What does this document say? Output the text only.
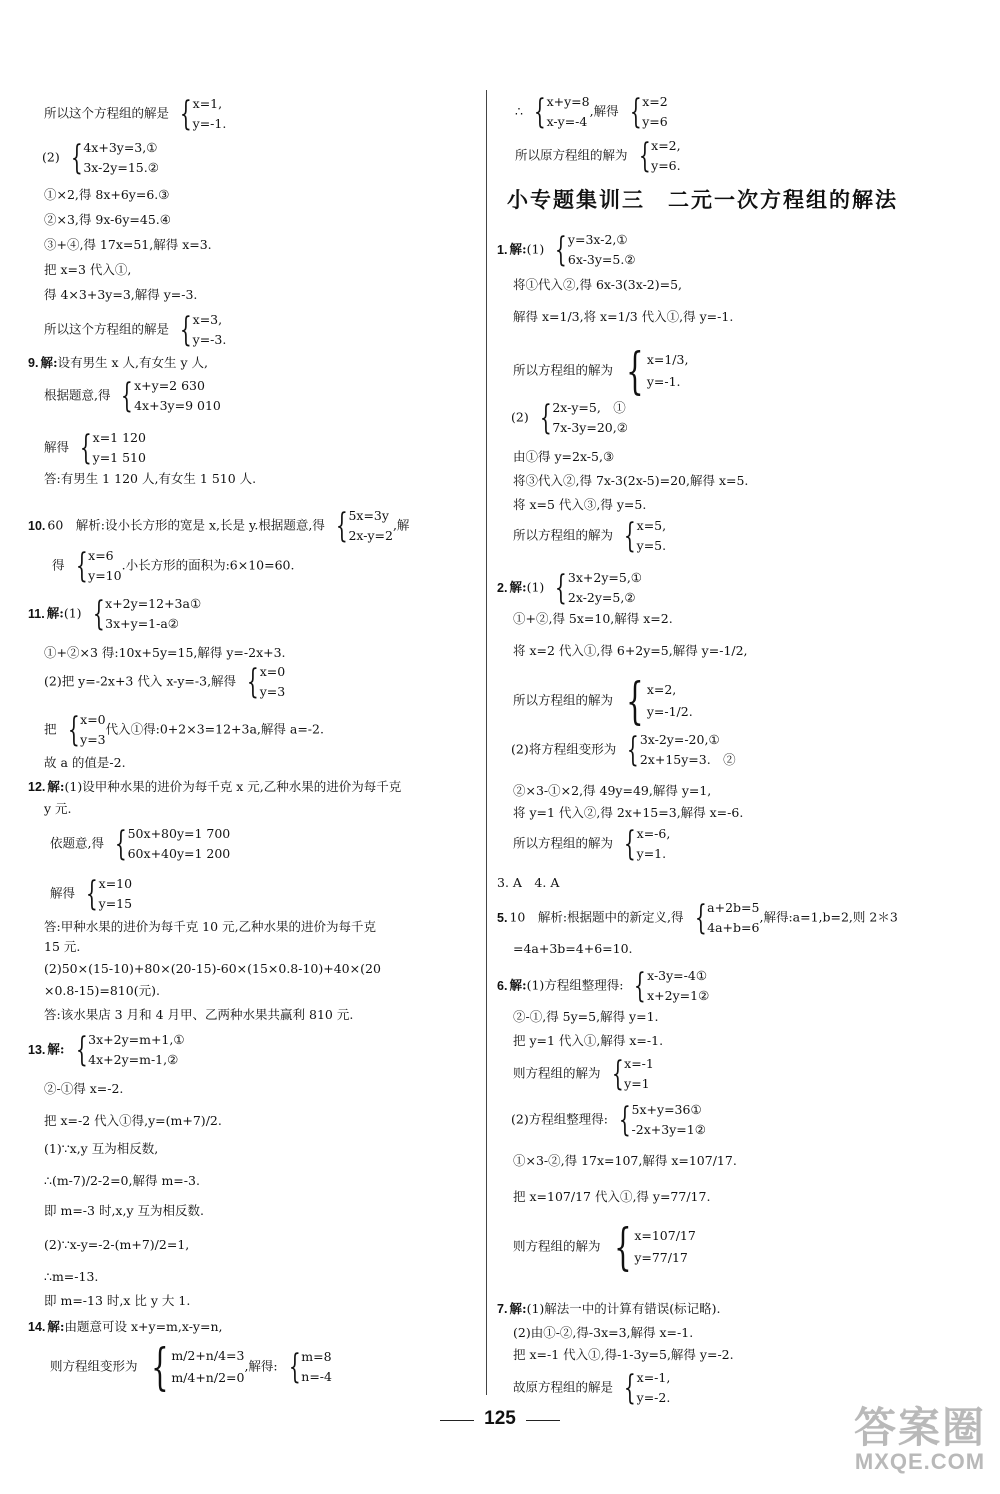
所以这个方程组的解是 { x=1,
y=-1.
(2) { 4x+3y=3,①
3x-2y=15.②
①×2,得 8x+6y=6.③
②×3,得 9x-6y=45.④
③+④,得 17x=51,解得 x=3.
把 x=3 代入①,
得 4×3+3y=3,解得 y=-3.
所以这个方程组的解是 { x=3,
y=-3.
9. 解:设有男生 x 人,有女生 y 人,
根据题意,得 { x+y=2 630
4x+3y=9 010
解得 { x=1 120
y=1 510
答:有男生 1 120 人,有女生 1 510 人.
10. 60　解析:设小长方形的宽是 x,长是 y.根据题意,得 { 5x=3y
2x-y=2
,解
得 { x=6
y=10
.小长方形的面积为:6×10=60.
11. 解:(1) { x+2y=12+3a①
3x+y=1-a②
①+②×3 得:10x+5y=15,解得 y=-2x+3.
(2)把 y=-2x+3 代入 x-y=-3,解得 { x=0
y=3
把 { x=0
y=3
代入①得:0+2×3=12+3a,解得 a=-2.
故 a 的值是-2.
12. 解:(1)设甲种水果的进价为每千克 x 元,乙种水果的进价为每千克
y 元.
依题意,得 { 50x+80y=1 700
60x+40y=1 200
解得 { x=10
y=15
答:甲种水果的进价为每千克 10 元,乙种水果的进价为每千克
15 元.
(2)50×(15-10)+80×(20-15)-60×(15×0.8-10)+40×(20
×0.8-15)=810(元).
答:该水果店 3 月和 4 月甲、乙两种水果共赢利 810 元.
13. 解: { 3x+2y=m+1,①
4x+2y=m-1,②
②-①得 x=-2.
把 x=-2 代入①得,y=(m+7)/2.
(1)∵x,y 互为相反数,
∴(m-7)/2-2=0,解得 m=-3.
即 m=-3 时,x,y 互为相反数.
(2)∵x-y=-2-(m+7)/2=1,
∴m=-13.
即 m=-13 时,x 比 y 大 1.
14. 解:由题意可设 x+y=m,x-y=n,
则方程组变形为 { m/2+n/4=3
m/4+n/2=0
,解得: { m=8
n=-4
∴ { x+y=8
x-y=-4
,解得 { x=2
y=6
所以原方程组的解为 { x=2,
y=6.
小专题集训三　二元一次方程组的解法
1. 解:(1) { y=3x-2,①
6x-3y=5.②
将①代入②,得 6x-3(3x-2)=5,
解得 x=1/3,将 x=1/3 代入①,得 y=-1.
所以方程组的解为 { x=1/3,
y=-1.
(2) { 2x-y=5,　①
7x-3y=20,②
由①得 y=2x-5,③
将③代入②,得 7x-3(2x-5)=20,解得 x=5.
将 x=5 代入③,得 y=5.
所以方程组的解为 { x=5,
y=5.
2. 解:(1) { 3x+2y=5,①
2x-2y=5,②
①+②,得 5x=10,解得 x=2.
将 x=2 代入①,得 6+2y=5,解得 y=-1/2,
所以方程组的解为 { x=2,
y=-1/2.
(2)将方程组变形为 { 3x-2y=-20,①
2x+15y=3.　②
②×3-①×2,得 49y=49,解得 y=1,
将 y=1 代入②,得 2x+15=3,解得 x=-6.
所以方程组的解为 { x=-6,
y=1.
3. A　4. A
5. 10　解析:根据题中的新定义,得 { a+2b=5
4a+b=6
,解得:a=1,b=2,则 2＊3
=4a+3b=4+6=10.
6. 解:(1)方程组整理得: { x-3y=-4①
x+2y=1②
②-①,得 5y=5,解得 y=1.
把 y=1 代入①,解得 x=-1.
则方程组的解为 { x=-1
y=1
(2)方程组整理得: { 5x+y=36①
-2x+3y=1②
①×3-②,得 17x=107,解得 x=107/17.
把 x=107/17 代入①,得 y=77/17.
则方程组的解为 { x=107/17
y=77/17
7. 解:(1)解法一中的计算有错误(标记略).
(2)由①-②,得-3x=3,解得 x=-1.
把 x=-1 代入①,得-1-3y=5,解得 y=-2.
故原方程组的解是 { x=-1,
y=-2.
125	答案圈
MXQE.COM
